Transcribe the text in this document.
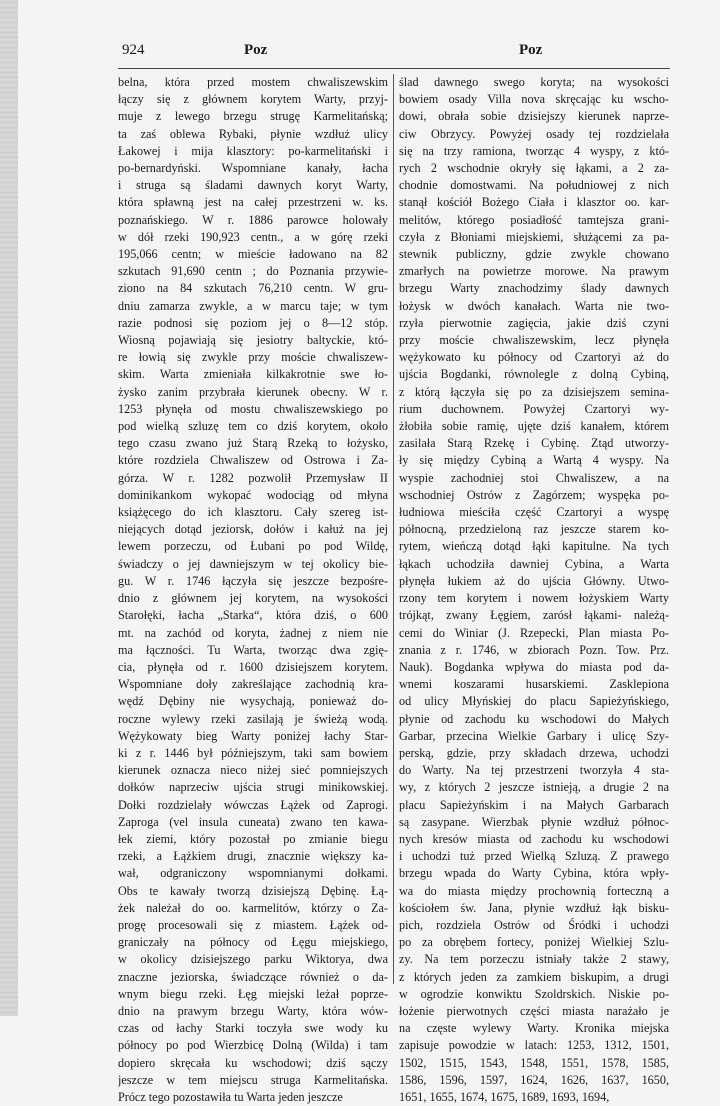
924	Poz	Poz
belna, która przed mostem chwaliszewskim
łączy się z głównem korytem Warty, przyj-
muje z lewego brzegu strugę Karmelitańską;
ta zaś oblewa Rybaki, płynie wzdłuż ulicy
Łakowej i mija klasztory: po-karmelitański i
po-bernardyński. Wspomniane kanały, łacha
i struga są śladami dawnych koryt Warty,
która spławną jest na całej przestrzeni w. ks.
poznańskiego. W r. 1886 parowce holowały
w dół rzeki 190,923 centn., a w górę rzeki
195,066 centn; w mieście ładowano na 82
szkutach 91,690 centn ; do Poznania przywie-
ziono na 84 szkutach 76,210 centn. W gru-
dniu zamarza zwykle, a w marcu taje; w tym
razie podnosi się poziom jej o 8—12 stóp.
Wiosną pojawiają się jesiotry baltyckie, któ-
re łowią się zwykle przy moście chwaliszew-
skim. Warta zmieniała kilkakrotnie swe ło-
żysko zanim przybrała kierunek obecny. W r.
1253 płynęła od mostu chwaliszewskiego po
pod wielką szluzę tem co dziś korytem, około
tego czasu zwano już Starą Rzeką to łożysko,
które rozdziela Chwaliszew od Ostrowa i Za-
górza. W r. 1282 pozwolił Przemysław II
dominikankom wykopać wodociąg od młyna
książęcego do ich klasztoru. Cały szereg ist-
niejących dotąd jeziorsk, dołów i kałuż na jej
lewem porzeczu, od Łubani po pod Wildę,
świadczy o jej dawniejszym w tej okolicy bie-
gu. W r. 1746 łączyła się jeszcze bezpośre-
dnio z głównem jej korytem, na wysokości
Starołęki, łacha „Starka“, która dziś, o 600
mt. na zachód od koryta, żadnej z niem nie
ma łączności. Tu Warta, tworząc dwa zgię-
cia, płynęła od r. 1600 dzisiejszem korytem.
Wspomniane doły zakreślające zachodnią kra-
wędź Dębiny nie wysychają, ponieważ do-
roczne wylewy rzeki zasilają je świeżą wodą.
Wężykowaty bieg Warty poniżej łachy Star-
ki z r. 1446 był późniejszym, taki sam bowiem
kierunek oznacza nieco niżej sieć pomniejszych
dołków naprzeciw ujścia strugi minikowskiej.
Dołki rozdzielały wówczas Łążek od Zaprogi.
Zaproga (vel insula cuneata) zwano ten kawa-
łek ziemi, który pozostał po zmianie biegu
rzeki, a Łążkiem drugi, znacznie większy ka-
wał, odgraniczony wspomnianymi dołkami.
Obs te kawały tworzą dzisiejszą Dębinę. Łą-
żek należał do oo. karmelitów, którzy o Za-
progę procesowali się z miastem. Łążek od-
graniczały na północy od Łęgu miejskiego,
w okolicy dzisiejszego parku Wiktorya, dwa
znaczne jeziorska, świadczące również o da-
wnym biegu rzeki. Łęg miejski leżał poprze-
dnio na prawym brzegu Warty, która wów-
czas od łachy Starki toczyła swe wody ku
północy po pod Wierzbicę Dolną (Wilda) i tam
dopiero skręcała ku wschodowi; dziś sączy
jeszcze w tem miejscu struga Karmelitańska.
Prócz tego pozostawiła tu Warta jeden jeszcze
ślad dawnego swego koryta; na wysokości
bowiem osady Villa nova skręcając ku wscho-
dowi, obrała sobie dzisiejszy kierunek naprze-
ciw Obrzycy. Powyżej osady tej rozdzielała
się na trzy ramiona, tworząc 4 wyspy, z któ-
rych 2 wschodnie okryły się łąkami, a 2 za-
chodnie domostwami. Na południowej z nich
stanął kościół Bożego Ciała i klasztor oo. kar-
melitów, którego posiadłość tamtejsza grani-
czyła z Błoniami miejskiemi, służącemi za pa-
stewnik publiczny, gdzie zwykle chowano
zmarłych na powietrze morowe. Na prawym
brzegu Warty znachodzimy ślady dawnych
łożysk w dwóch kanałach. Warta nie two-
rzyła pierwotnie zagięcia, jakie dziś czyni
przy moście chwaliszewskim, lecz płynęła
wężykowato ku północy od Czartoryi aż do
ujścia Bogdanki, równolegle z dolną Cybiną,
z którą łączyła się po za dzisiejszem semina-
rium duchownem. Powyżej Czartoryi wy-
żłobiła sobie ramię, ujęte dziś kanałem, którem
zasilała Starą Rzekę i Cybinę. Ztąd utworzy-
ły się między Cybiną a Wartą 4 wyspy. Na
wyspie zachodniej stoi Chwaliszew, a na
wschodniej Ostrów z Zagórzem; wyspęka po-
łudniowa mieściła część Czartoryi a wyspę
północną, przedzieloną raz jeszcze starem ko-
rytem, wieńczą dotąd łąki kapitulne. Na tych
łąkach uchodziła dawniej Cybina, a Warta
płynęła łukiem aż do ujścia Główny. Utwo-
rzony tem korytem i nowem łożyskiem Warty
trójkąt, zwany Łęgiem, zarósł łąkami- należą-
cemi do Winiar (J. Rzepecki, Plan miasta Po-
znania z r. 1746, w zbiorach Pozn. Tow. Prz.
Nauk). Bogdanka wpływa do miasta pod da-
wnemi koszarami husarskiemi. Zasklepiona
od ulicy Młyńskiej do placu Sapieżyńskiego,
płynie od zachodu ku wschodowi do Małych
Garbar, przecina Wielkie Garbary i ulicę Szy-
perską, gdzie, przy składach drzewa, uchodzi
do Warty. Na tej przestrzeni tworzyła 4 sta-
wy, z których 2 jeszcze istnieją, a drugie 2 na
placu Sapieżyńskim i na Małych Garbarach
są zasypane. Wierzbak płynie wzdłuż północ-
nych kresów miasta od zachodu ku wschodowi
i uchodzi tuż przed Wielką Szluzą. Z prawego
brzegu wpada do Warty Cybina, która wpły-
wa do miasta między prochownią forteczną a
kościołem św. Jana, płynie wzdłuż łąk bisku-
pich, rozdziela Ostrów od Śródki i uchodzi
po za obrębem fortecy, poniżej Wielkiej Szlu-
zy. Na tem porzeczu istniały także 2 stawy,
z których jeden za zamkiem biskupim, a drugi
w ogrodzie konwiktu Szoldrskich. Niskie po-
łożenie pierwotnych części miasta narażało je
na częste wylewy Warty. Kronika miejska
zapisuje powodzie w latach: 1253, 1312, 1501,
1502, 1515, 1543, 1548, 1551, 1578, 1585,
1586, 1596, 1597, 1624, 1626, 1637, 1650,
1651, 1655, 1674, 1675, 1689, 1693, 1694,
